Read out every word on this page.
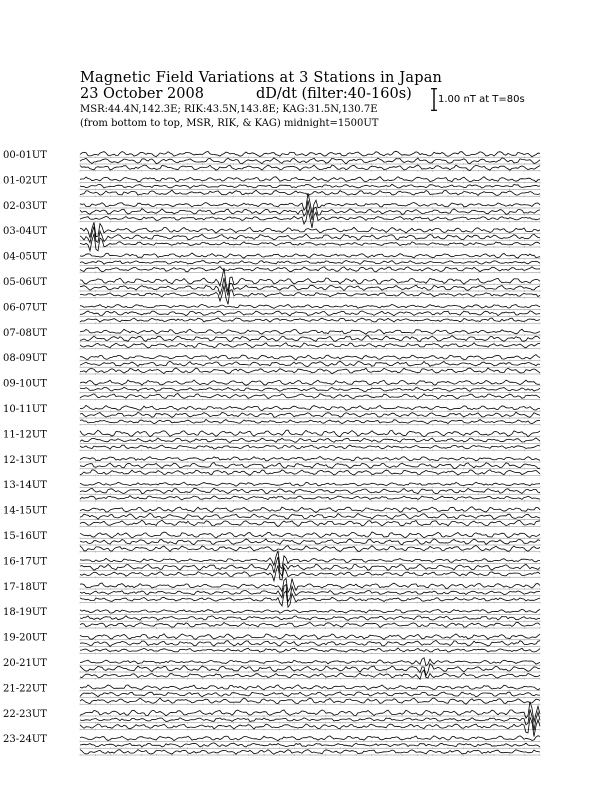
00-01UT
01-02UT
02-03UT
03-04UT
04-05UT
05-06UT
06-07UT
07-08UT
08-09UT
09-10UT
10-11UT
11-12UT
12-13UT
13-14UT
14-15UT
15-16UT
16-17UT
17-18UT
18-19UT
19-20UT
20-21UT
21-22UT
22-23UT
23-24UT

Magnetic Field Variations at 3 Stations in Japan

23 October 2008	dD/dt (filter:40-160s)

MSR:44.4N,142.3E; RIK:43.5N,143.8E; KAG:31.5N,130.7E

(from bottom to top, MSR, RIK, & KAG) midnight=1500UT

1.00 nT at T=80s
